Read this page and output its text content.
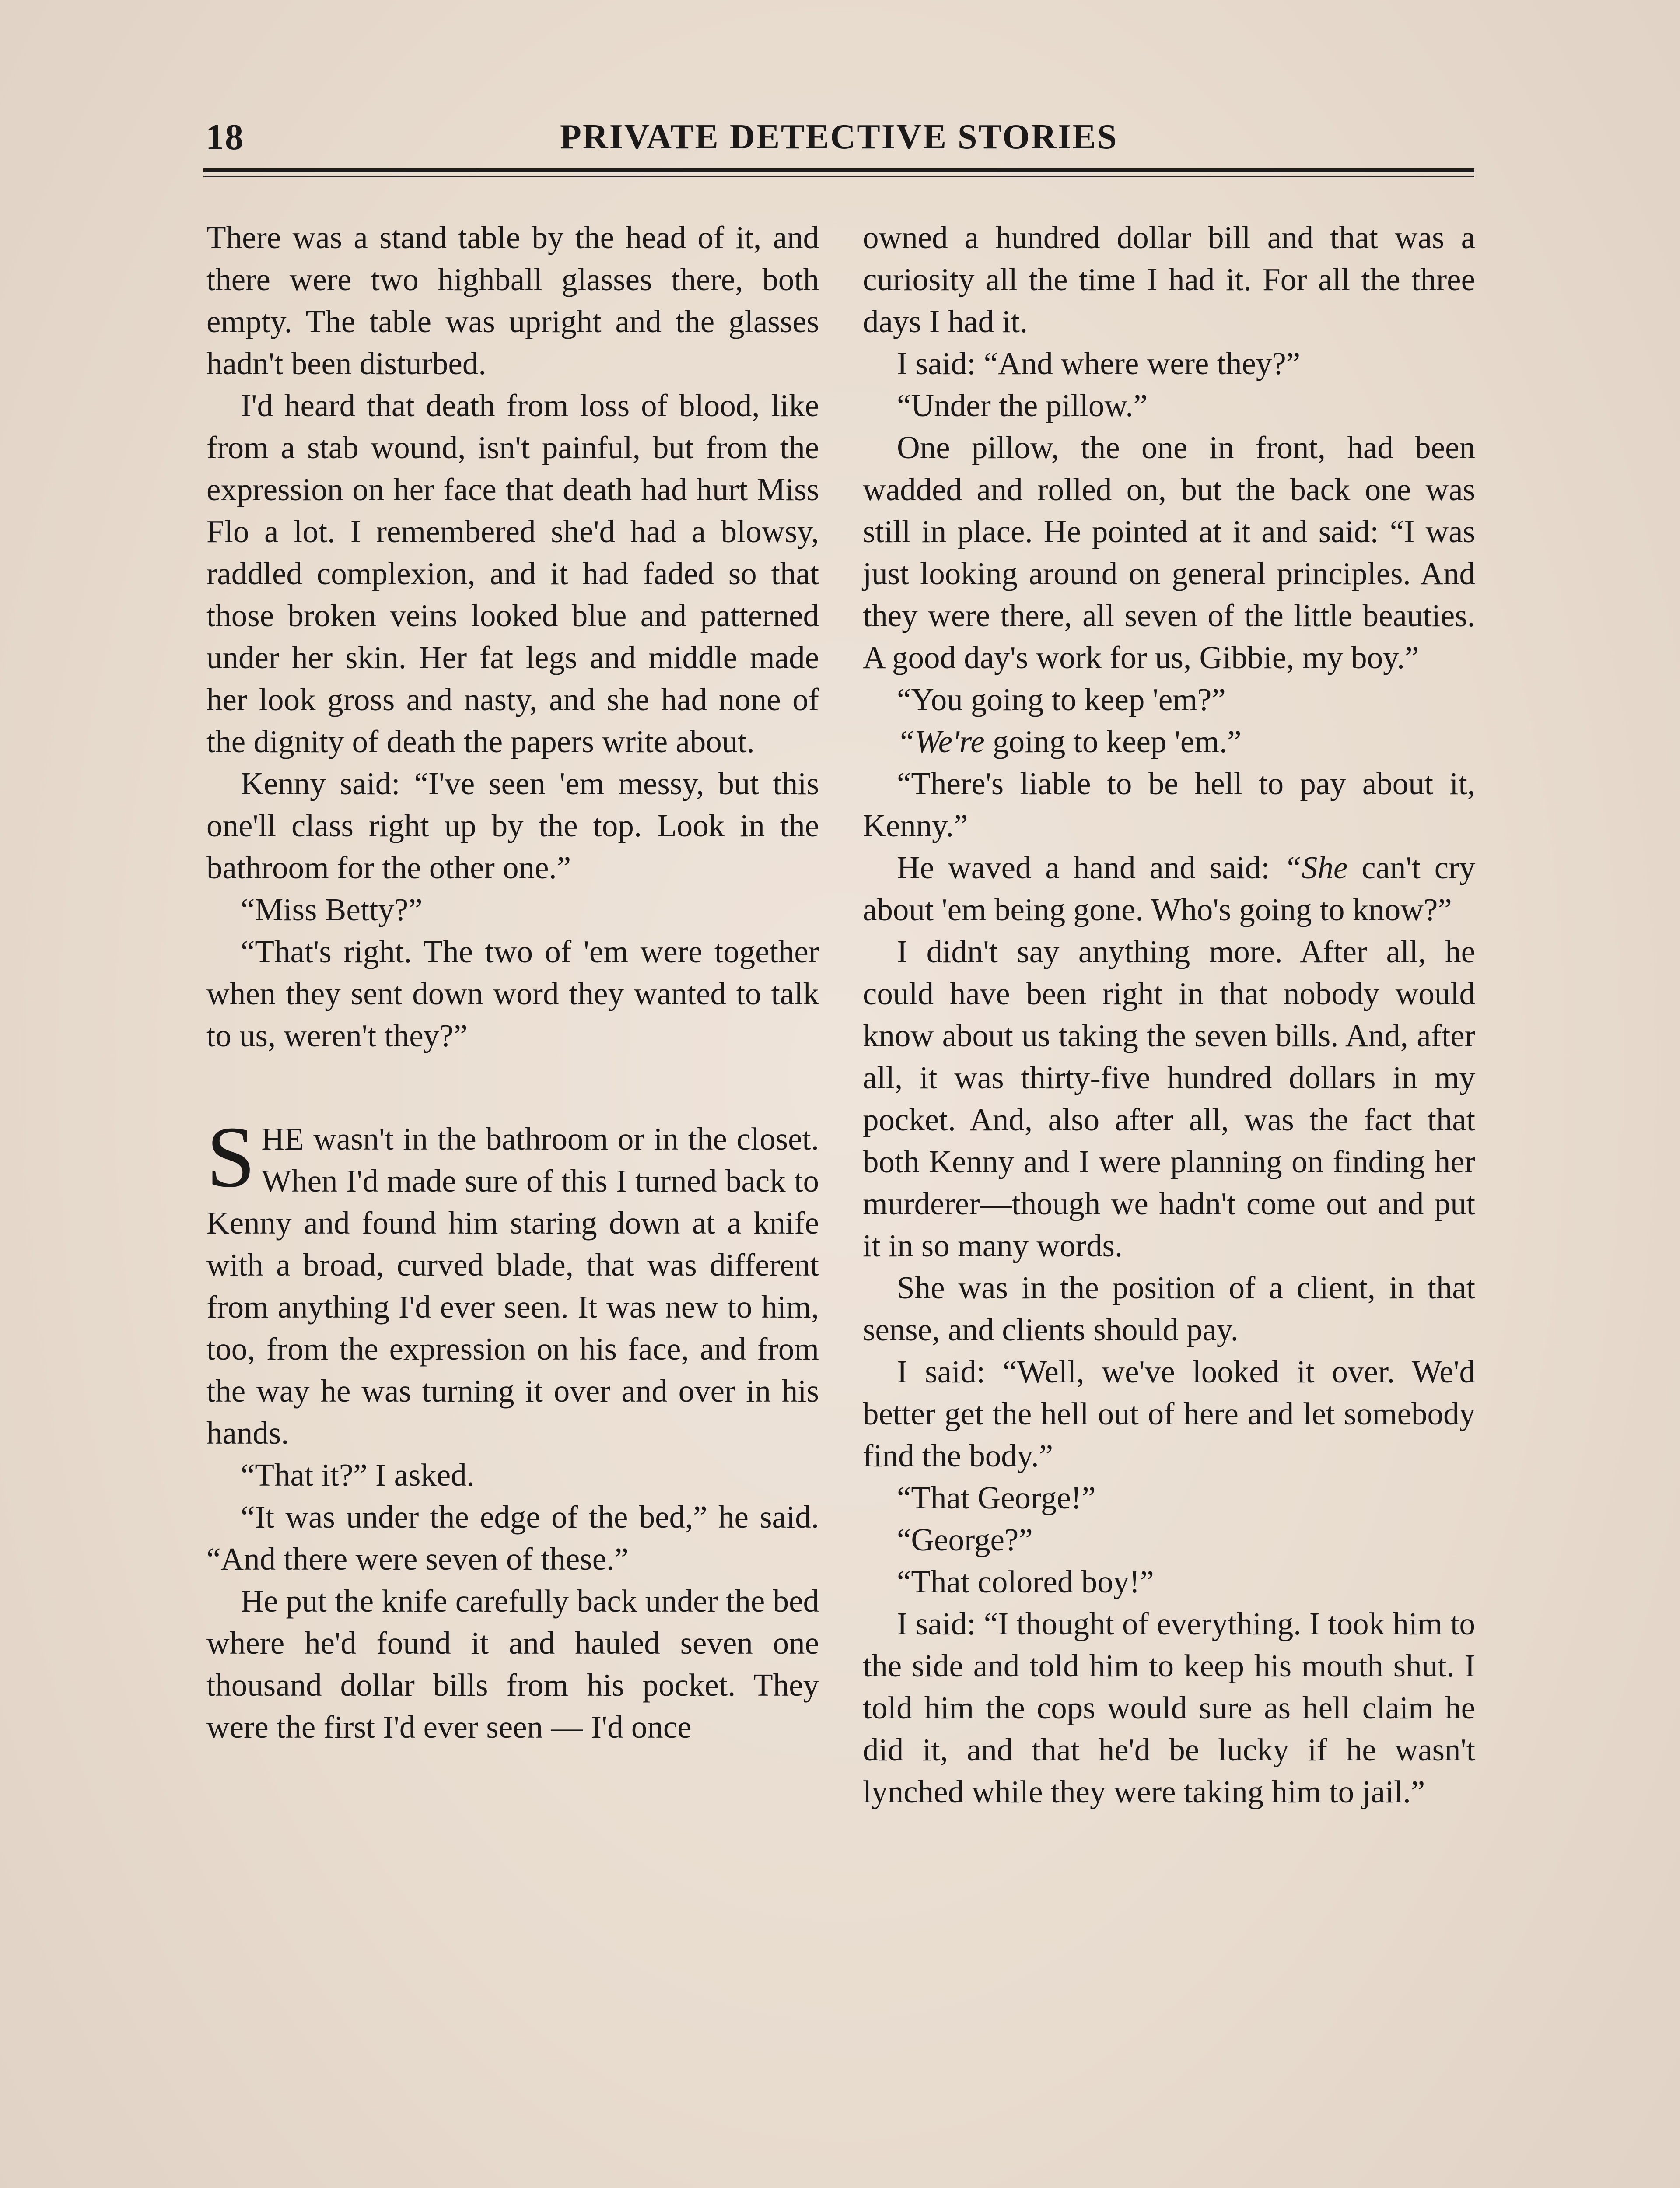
18	PRIVATE DETECTIVE STORIES

There was a stand table by the head of it, and there were two highball glasses there, both empty. The table was upright and the glasses hadn't been disturbed.

I'd heard that death from loss of blood, like from a stab wound, isn't painful, but from the expression on her face that death had hurt Miss Flo a lot. I remembered she'd had a blowsy, raddled complexion, and it had faded so that those broken veins looked blue and patterned under her skin. Her fat legs and middle made her look gross and nasty, and she had none of the dignity of death the papers write about.

Kenny said: “I've seen 'em messy, but this one'll class right up by the top. Look in the bathroom for the other one.”

“Miss Betty?”

“That's right. The two of 'em were together when they sent down word they wanted to talk to us, weren't they?”

SHE wasn't in the bathroom or in the closet. When I'd made sure of this I turned back to Kenny and found him staring down at a knife with a broad, curved blade, that was different from anything I'd ever seen. It was new to him, too, from the expression on his face, and from the way he was turning it over and over in his hands.

“That it?” I asked.

“It was under the edge of the bed,” he said. “And there were seven of these.”

He put the knife carefully back under the bed where he'd found it and hauled seven one thousand dollar bills from his pocket. They were the first I'd ever seen — I'd once

owned a hundred dollar bill and that was a curiosity all the time I had it. For all the three days I had it.

I said: “And where were they?”

“Under the pillow.”

One pillow, the one in front, had been wadded and rolled on, but the back one was still in place. He pointed at it and said: “I was just looking around on general principles. And they were there, all seven of the little beauties. A good day's work for us, Gibbie, my boy.”

“You going to keep 'em?”

“We're going to keep 'em.”

“There's liable to be hell to pay about it, Kenny.”

He waved a hand and said: “She can't cry about 'em being gone. Who's going to know?”

I didn't say anything more. After all, he could have been right in that nobody would know about us taking the seven bills. And, after all, it was thirty-five hundred dollars in my pocket. And, also after all, was the fact that both Kenny and I were planning on finding her murderer—though we hadn't come out and put it in so many words.

She was in the position of a client, in that sense, and clients should pay.

I said: “Well, we've looked it over. We'd better get the hell out of here and let somebody find the body.”

“That George!”

“George?”

“That colored boy!”

I said: “I thought of everything. I took him to the side and told him to keep his mouth shut. I told him the cops would sure as hell claim he did it, and that he'd be lucky if he wasn't lynched while they were taking him to jail.”
